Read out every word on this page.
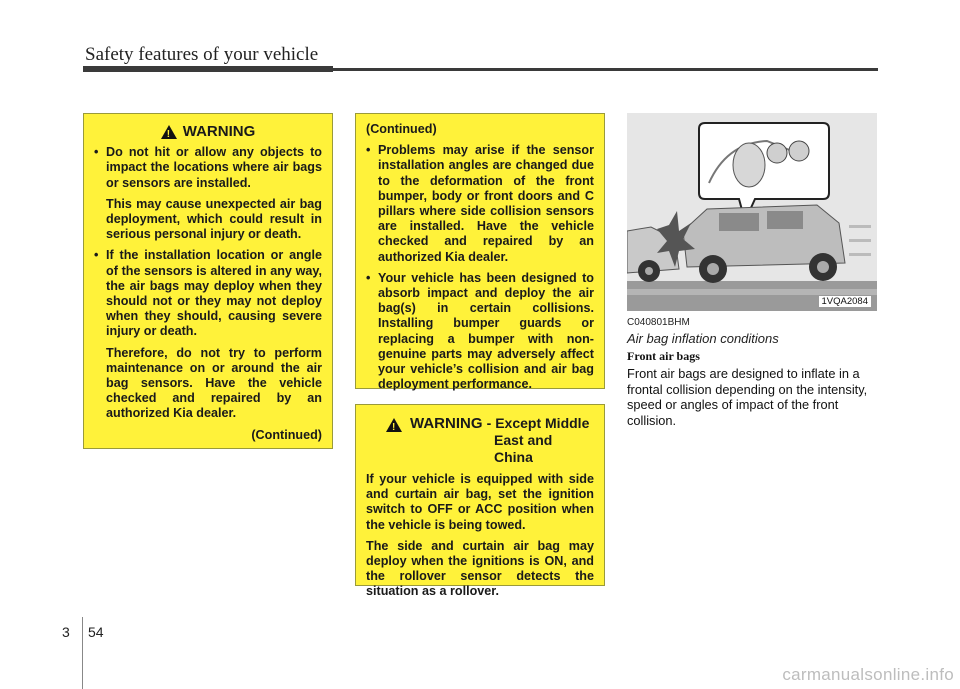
Safety features of your vehicle
!
WARNING
• Do not hit or allow any objects to impact the locations where air bags or sensors are installed.

This may cause unexpected air bag deployment, which could result in serious personal injury or death.

• If the installation location or angle of the sensors is altered in any way, the air bags may deploy when they should not or they may not deploy when they should, causing severe injury or death.

Therefore, do not try to perform maintenance on or around the air bag sensors. Have the vehicle checked and repaired by an authorized Kia dealer.

(Continued)

(Continued)

• Problems may arise if the sensor installation angles are changed due to the deformation of the front bumper, body or front doors and C pillars where side collision sensors are installed. Have the vehicle checked and repaired by an authorized Kia dealer.
• Your vehicle has been designed to absorb impact and deploy the air bag(s) in certain collisions. Installing bumper guards or replacing a bumper with non-genuine parts may adversely affect your vehicle’s collision and air bag deployment performance.
!
WARNING - Except Middle

East and China

If your vehicle is equipped with side and curtain air bag, set the ignition switch to OFF or ACC position when the vehicle is being towed.

The side and curtain air bag may deploy when the ignitions is ON, and the rollover sensor detects the situation as a rollover.

1VQA2084
C040801BHM
Air bag inflation conditions
Front air bags
Front air bags are designed to inflate in a frontal collision depending on the intensity, speed or angles of impact of the front collision.
3 54
carmanualsonline.info
